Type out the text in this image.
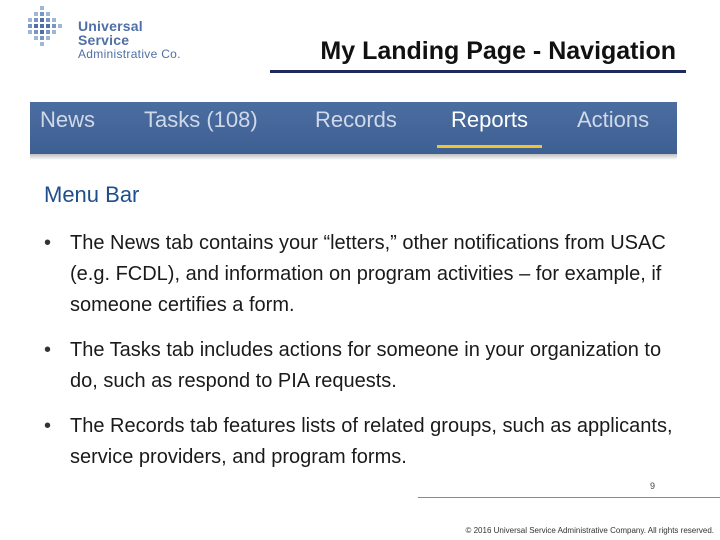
Universal Service
Administrative Co.	My Landing Page - Navigation
News Tasks (108)	Records	Reports	Actions
Menu Bar
• The News tab contains your “letters,” other notifications from USAC (e.g. FCDL), and information on program activities – for example, if someone certifies a form.
• The Tasks tab includes actions for someone in your organization to do, such as respond to PIA requests.
• The Records tab features lists of related groups, such as applicants, service providers, and program forms.
9
© 2016 Universal Service Administrative Company. All rights reserved.
